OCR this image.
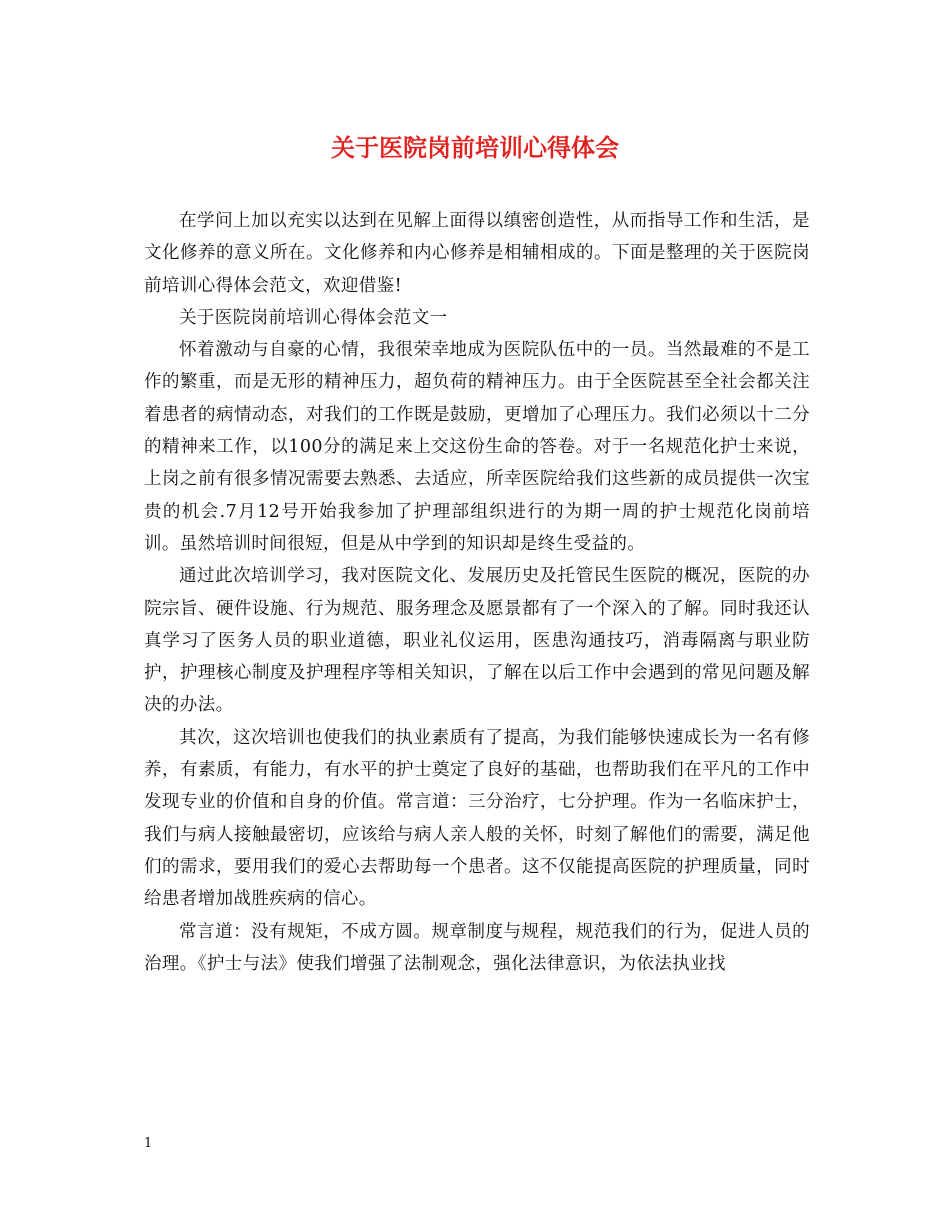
关于医院岗前培训心得体会

在学问上加以充实以达到在见解上面得以缜密创造性，从而指导工作和生活，是文化修养的意义所在。文化修养和内心修养是相辅相成的。下面是整理的关于医院岗前培训心得体会范文，欢迎借鉴!

关于医院岗前培训心得体会范文一

怀着激动与自豪的心情，我很荣幸地成为医院队伍中的一员。当然最难的不是工作的繁重，而是无形的精神压力，超负荷的精神压力。由于全医院甚至全社会都关注着患者的病情动态，对我们的工作既是鼓励，更增加了心理压力。我们必须以十二分的精神来工作，以100分的满足来上交这份生命的答卷。对于一名规范化护士来说，上岗之前有很多情况需要去熟悉、去适应，所幸医院给我们这些新的成员提供一次宝贵的机会.7月12号开始我参加了护理部组织进行的为期一周的护士规范化岗前培训。虽然培训时间很短，但是从中学到的知识却是终生受益的。

通过此次培训学习，我对医院文化、发展历史及托管民生医院的概况，医院的办院宗旨、硬件设施、行为规范、服务理念及愿景都有了一个深入的了解。同时我还认真学习了医务人员的职业道德，职业礼仪运用，医患沟通技巧，消毒隔离与职业防护，护理核心制度及护理程序等相关知识，了解在以后工作中会遇到的常见问题及解决的办法。

其次，这次培训也使我们的执业素质有了提高，为我们能够快速成长为一名有修养，有素质，有能力，有水平的护士奠定了良好的基础，也帮助我们在平凡的工作中发现专业的价值和自身的价值。常言道：三分治疗，七分护理。作为一名临床护士，我们与病人接触最密切，应该给与病人亲人般的关怀，时刻了解他们的需要，满足他们的需求，要用我们的爱心去帮助每一个患者。这不仅能提高医院的护理质量，同时给患者增加战胜疾病的信心。

常言道：没有规矩，不成方圆。规章制度与规程，规范我们的行为，促进人员的治理。《护士与法》使我们增强了法制观念，强化法律意识，为依法执业找

1
